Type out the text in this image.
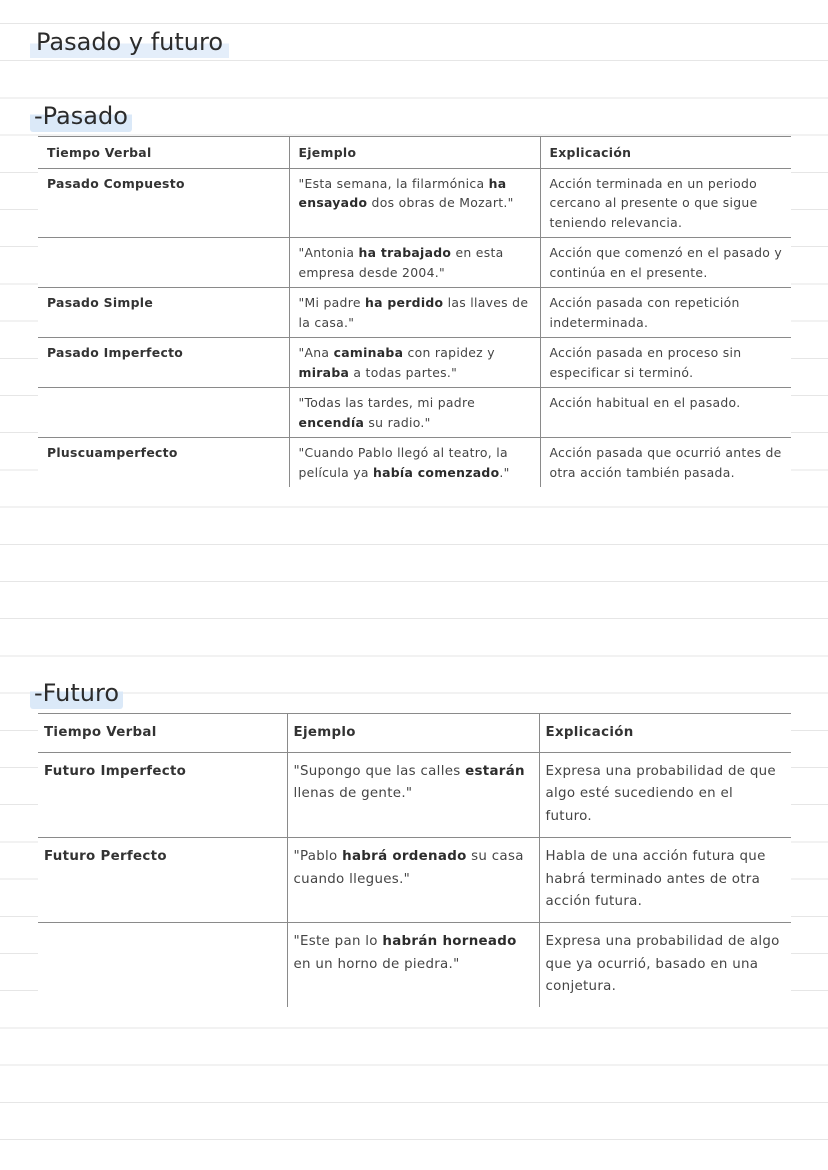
Pasado y futuro
-Pasado
Tiempo Verbal	Ejemplo	Explicación
Pasado Compuesto	"Esta semana, la filarmónica ha ensayado dos obras de Mozart."	Acción terminada en un periodo cercano al presente o que sigue teniendo relevancia.
	"Antonia ha trabajado en esta empresa desde 2004."	Acción que comenzó en el pasado y continúa en el presente.
Pasado Simple	"Mi padre ha perdido las llaves de la casa."	Acción pasada con repetición indeterminada.
Pasado Imperfecto	"Ana caminaba con rapidez y miraba a todas partes."	Acción pasada en proceso sin especificar si terminó.
	"Todas las tardes, mi padre encendía su radio."	Acción habitual en el pasado.
Pluscuamperfecto	"Cuando Pablo llegó al teatro, la película ya había comenzado."	Acción pasada que ocurrió antes de otra acción también pasada.
-Futuro
Tiempo Verbal	Ejemplo	Explicación
Futuro Imperfecto	"Supongo que las calles estarán llenas de gente."	Expresa una probabilidad de que algo esté sucediendo en el futuro.
Futuro Perfecto	"Pablo habrá ordenado su casa cuando llegues."	Habla de una acción futura que habrá terminado antes de otra acción futura.
	"Este pan lo habrán horneado en un horno de piedra."	Expresa una probabilidad de algo que ya ocurrió, basado en una conjetura.
